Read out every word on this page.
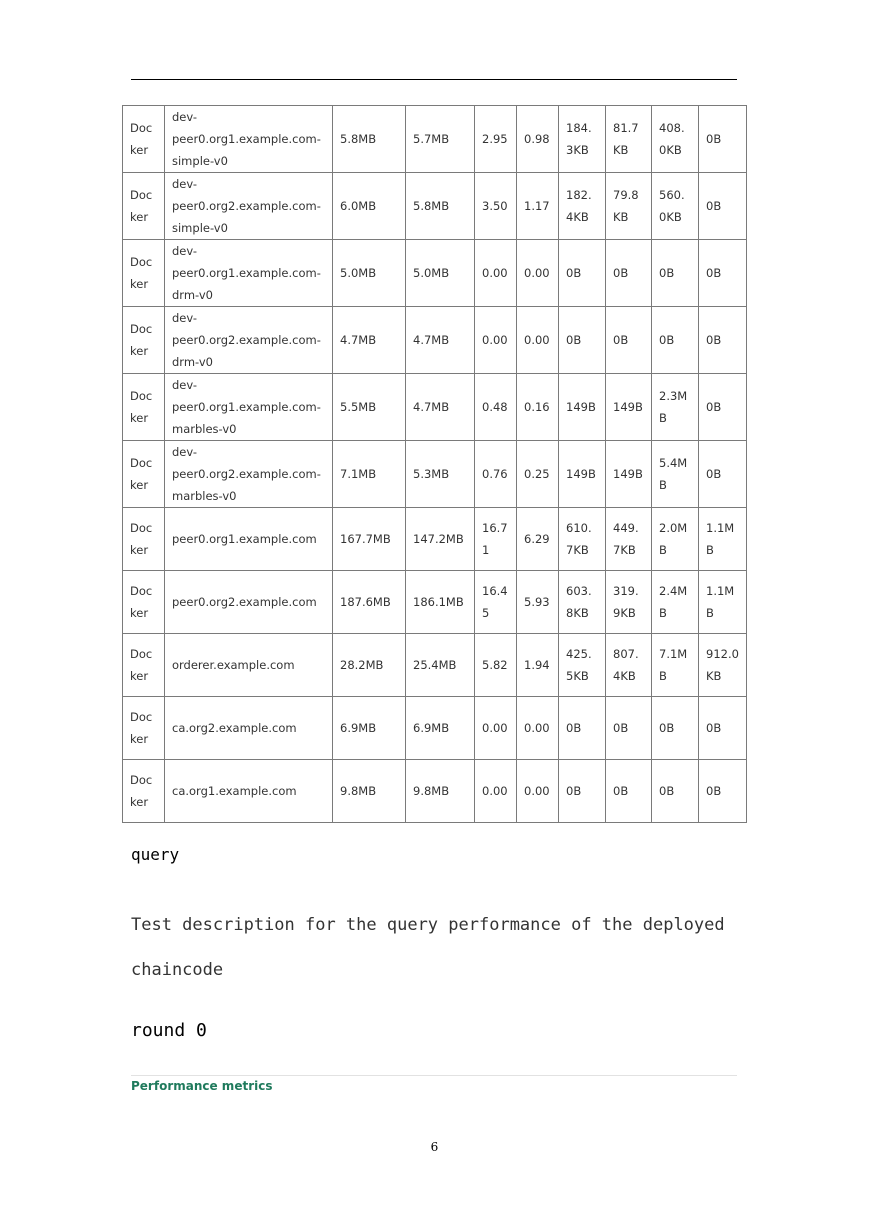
Docker	dev-peer0.org1.example.com-simple-v0	5.8MB	5.7MB	2.95	0.98	184.3KB	81.7KB	408.0KB	0B
Docker	dev-peer0.org2.example.com-simple-v0	6.0MB	5.8MB	3.50	1.17	182.4KB	79.8KB	560.0KB	0B
Docker	dev-peer0.org1.example.com-drm-v0	5.0MB	5.0MB	0.00	0.00	0B	0B	0B	0B
Docker	dev-peer0.org2.example.com-drm-v0	4.7MB	4.7MB	0.00	0.00	0B	0B	0B	0B
Docker	dev-peer0.org1.example.com-marbles-v0	5.5MB	4.7MB	0.48	0.16	149B	149B	2.3MB	0B
Docker	dev-peer0.org2.example.com-marbles-v0	7.1MB	5.3MB	0.76	0.25	149B	149B	5.4MB	0B
Docker	peer0.org1.example.com	167.7MB	147.2MB	16.71	6.29	610.7KB	449.7KB	2.0MB	1.1MB
Docker	peer0.org2.example.com	187.6MB	186.1MB	16.45	5.93	603.8KB	319.9KB	2.4MB	1.1MB
Docker	orderer.example.com	28.2MB	25.4MB	5.82	1.94	425.5KB	807.4KB	7.1MB	912.0KB
Docker	ca.org2.example.com	6.9MB	6.9MB	0.00	0.00	0B	0B	0B	0B
Docker	ca.org1.example.com	9.8MB	9.8MB	0.00	0.00	0B	0B	0B	0B
query

Test description for the query performance of the deployed chaincode

round 0
Performance metrics
6
